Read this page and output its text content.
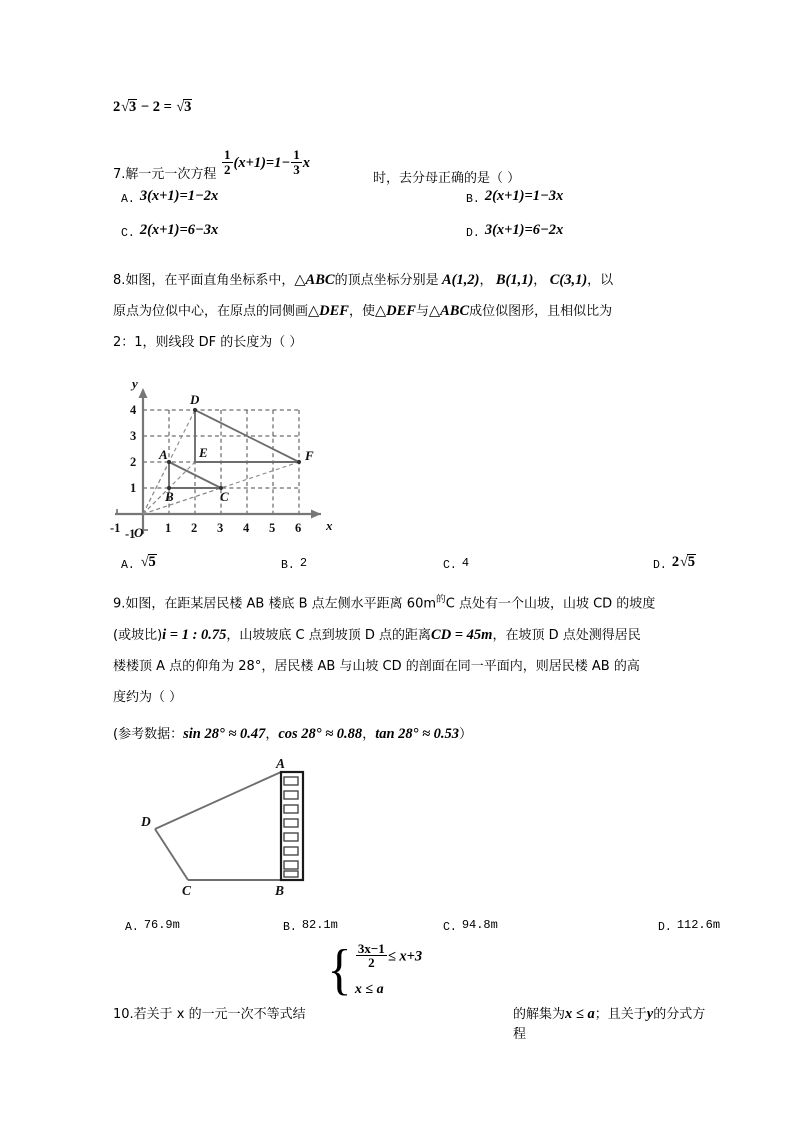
2√3 − 2 = √3
7.解一元一次方程 $\frac{1}{2} (x+1)=1- \frac{1}{3}$ x
时，去分母正确的是（ ）
A. 3(x+1)=1−2x	B. 2(x+1)=1−3x
C. 2(x+1)=6−3x	D. 3(x+1)=6−2x
8.如图，在平面直角坐标系中，△ABC的顶点坐标分别是 A(1,2)， B(1,1)， C(3,1)，以
原点为位似中心，在原点的同侧画△DEF，使△DEF与△ABC成位似图形，且相似比为
2：1，则线段 DF 的长度为（ ）
A
B	C
D
E	F
y
x
O
-1	1 2 3 4 5 6
1
2
3
4
-1
A. √5	B. 2	C. 4	D. 2√5
9.如图，在距某居民楼 AB 楼底 B 点左侧水平距离 $60m^的C$ 点处有一个山坡，山坡 CD 的坡度
(或坡比)i = 1 : 0.75，山坡坡底 C 点到坡顶 D 点的距离CD = 45m，在坡顶 D 点处测得居民
楼楼顶 A 点的仰角为 28°，居民楼 AB 与山坡 CD 的剖面在同一平面内，则居民楼 AB 的高
度约为（ ）
(参考数据：sin 28° ≈ 0.47，cos 28° ≈ 0.88，tan 28° ≈ 0.53）
A
B
C
D
A. 76.9m	B. 82.1m	C. 94.8m	D. 112.6m
10.若关于 x 的一元一次不等式结
{ $\frac{3x-1}{2} \le x+3$
x ≤ a
的解集为x ≤ a；且关于y的分式方程
